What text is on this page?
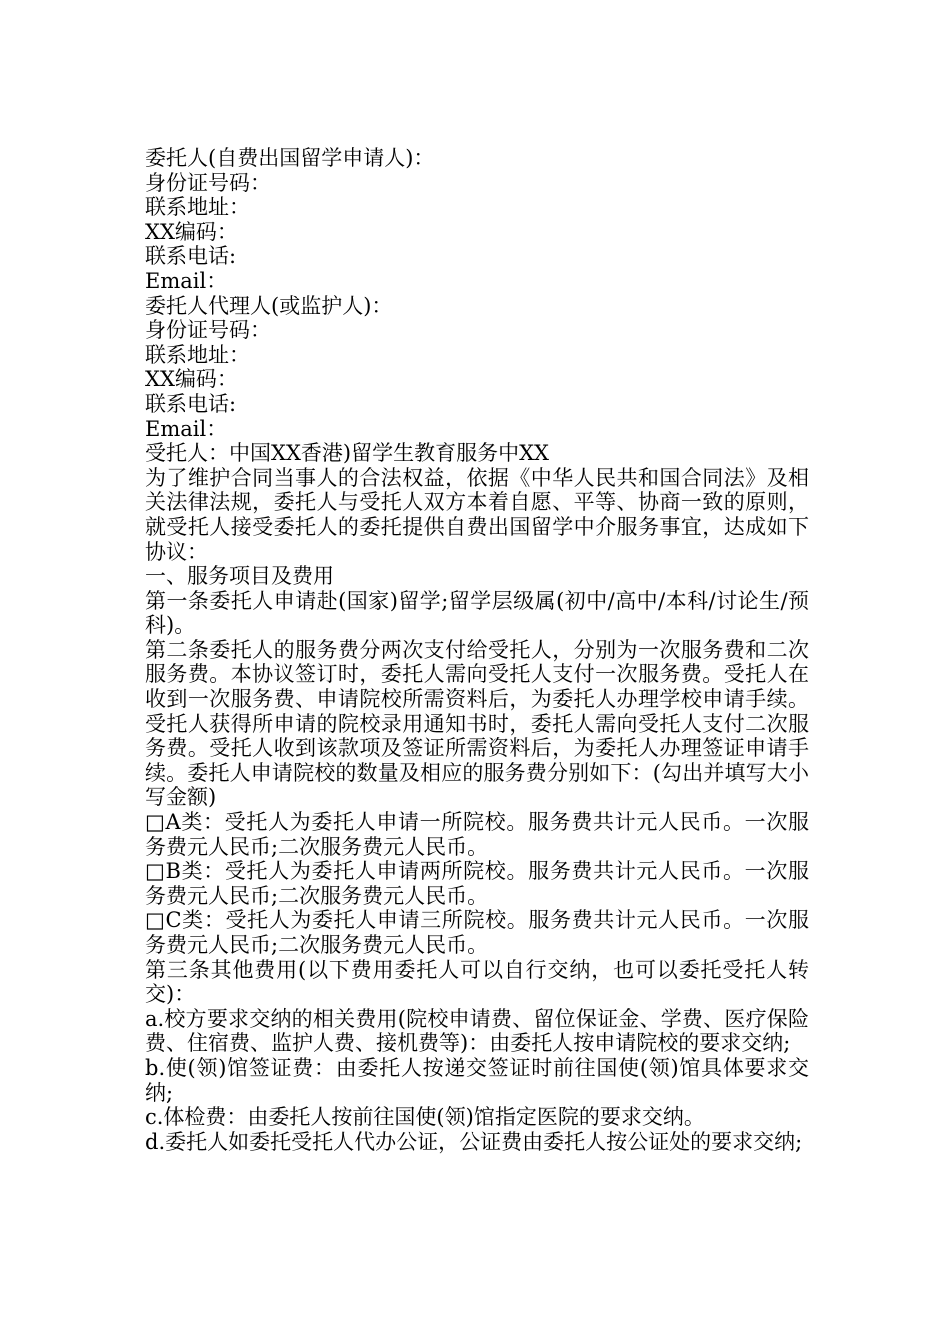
委托人(自费出国留学申请人)：
身份证号码：
联系地址：
XX编码：
联系电话:
Email：
委托人代理人(或监护人)：
身份证号码：
联系地址：
XX编码：
联系电话:
Email：
受托人：中国XX香港)留学生教育服务中XX

为了维护合同当事人的合法权益，依据《中华人民共和国合同法》及相关法律法规，委托人与受托人双方本着自愿、平等、协商一致的原则，就受托人接受委托人的委托提供自费出国留学中介服务事宜，达成如下协议：

一、服务项目及费用

第一条委托人申请赴(国家)留学;留学层级属(初中/高中/本科/讨论生/预科)。

第二条委托人的服务费分两次支付给受托人，分别为一次服务费和二次服务费。本协议签订时，委托人需向受托人支付一次服务费。受托人在收到一次服务费、申请院校所需资料后，为委托人办理学校申请手续。受托人获得所申请的院校录用通知书时，委托人需向受托人支付二次服务费。受托人收到该款项及签证所需资料后，为委托人办理签证申请手续。委托人申请院校的数量及相应的服务费分别如下：(勾出并填写大小写金额)

□A类：受托人为委托人申请一所院校。服务费共计元人民币。一次服务费元人民币;二次服务费元人民币。

□B类：受托人为委托人申请两所院校。服务费共计元人民币。一次服务费元人民币;二次服务费元人民币。

□C类：受托人为委托人申请三所院校。服务费共计元人民币。一次服务费元人民币;二次服务费元人民币。

第三条其他费用(以下费用委托人可以自行交纳，也可以委托受托人转交)：

a.校方要求交纳的相关费用(院校申请费、留位保证金、学费、医疗保险费、住宿费、监护人费、接机费等)：由委托人按申请院校的要求交纳;

b.使(领)馆签证费：由委托人按递交签证时前往国使(领)馆具体要求交纳;

c.体检费：由委托人按前往国使(领)馆指定医院的要求交纳。

d.委托人如委托受托人代办公证，公证费由委托人按公证处的要求交纳;
